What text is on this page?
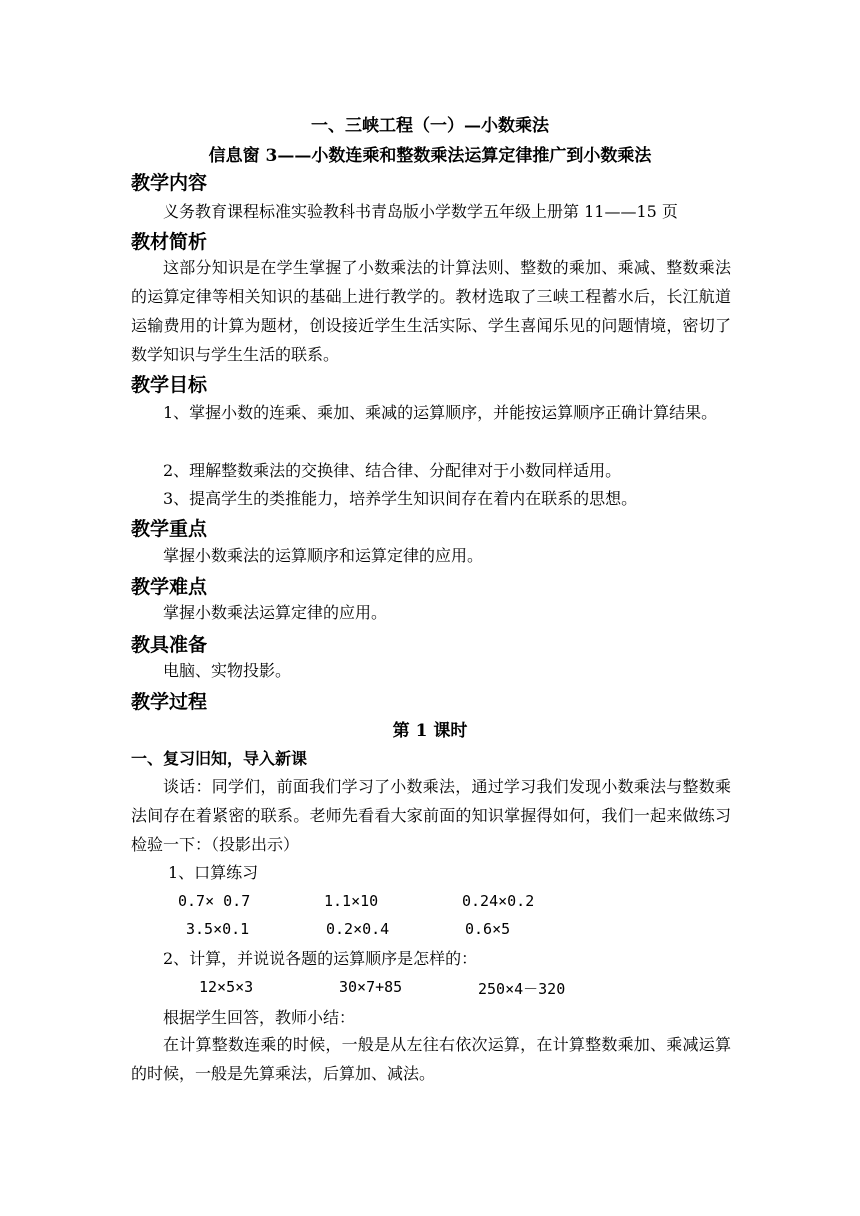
一、三峡工程（一）—小数乘法
信息窗 3——小数连乘和整数乘法运算定律推广到小数乘法
教学内容
义务教育课程标准实验教科书青岛版小学数学五年级上册第 11——15 页
教材简析
这部分知识是在学生掌握了小数乘法的计算法则、整数的乘加、乘减、整数乘法的运算定律等相关知识的基础上进行教学的。教材选取了三峡工程蓄水后，长江航道运输费用的计算为题材，创设接近学生生活实际、学生喜闻乐见的问题情境，密切了数学知识与学生生活的联系。
教学目标
1、掌握小数的连乘、乘加、乘减的运算顺序，并能按运算顺序正确计算结果。
2、理解整数乘法的交换律、结合律、分配律对于小数同样适用。
3、提高学生的类推能力，培养学生知识间存在着内在联系的思想。
教学重点
掌握小数乘法的运算顺序和运算定律的应用。
教学难点
掌握小数乘法运算定律的应用。
教具准备
电脑、实物投影。
教学过程
第 1 课时
一、复习旧知，导入新课
谈话：同学们，前面我们学习了小数乘法，通过学习我们发现小数乘法与整数乘法间存在着紧密的联系。老师先看看大家前面的知识掌握得如何，我们一起来做练习检验一下：（投影出示）
1、口算练习
0.7× 0.7	1.1×10	0.24×0.2
3.5×0.1	0.2×0.4	0.6×5
2、计算，并说说各题的运算顺序是怎样的：
12×5×3	30×7+85	250×4－320
根据学生回答，教师小结：
在计算整数连乘的时候，一般是从左往右依次运算，在计算整数乘加、乘减运算的时候，一般是先算乘法，后算加、减法。
